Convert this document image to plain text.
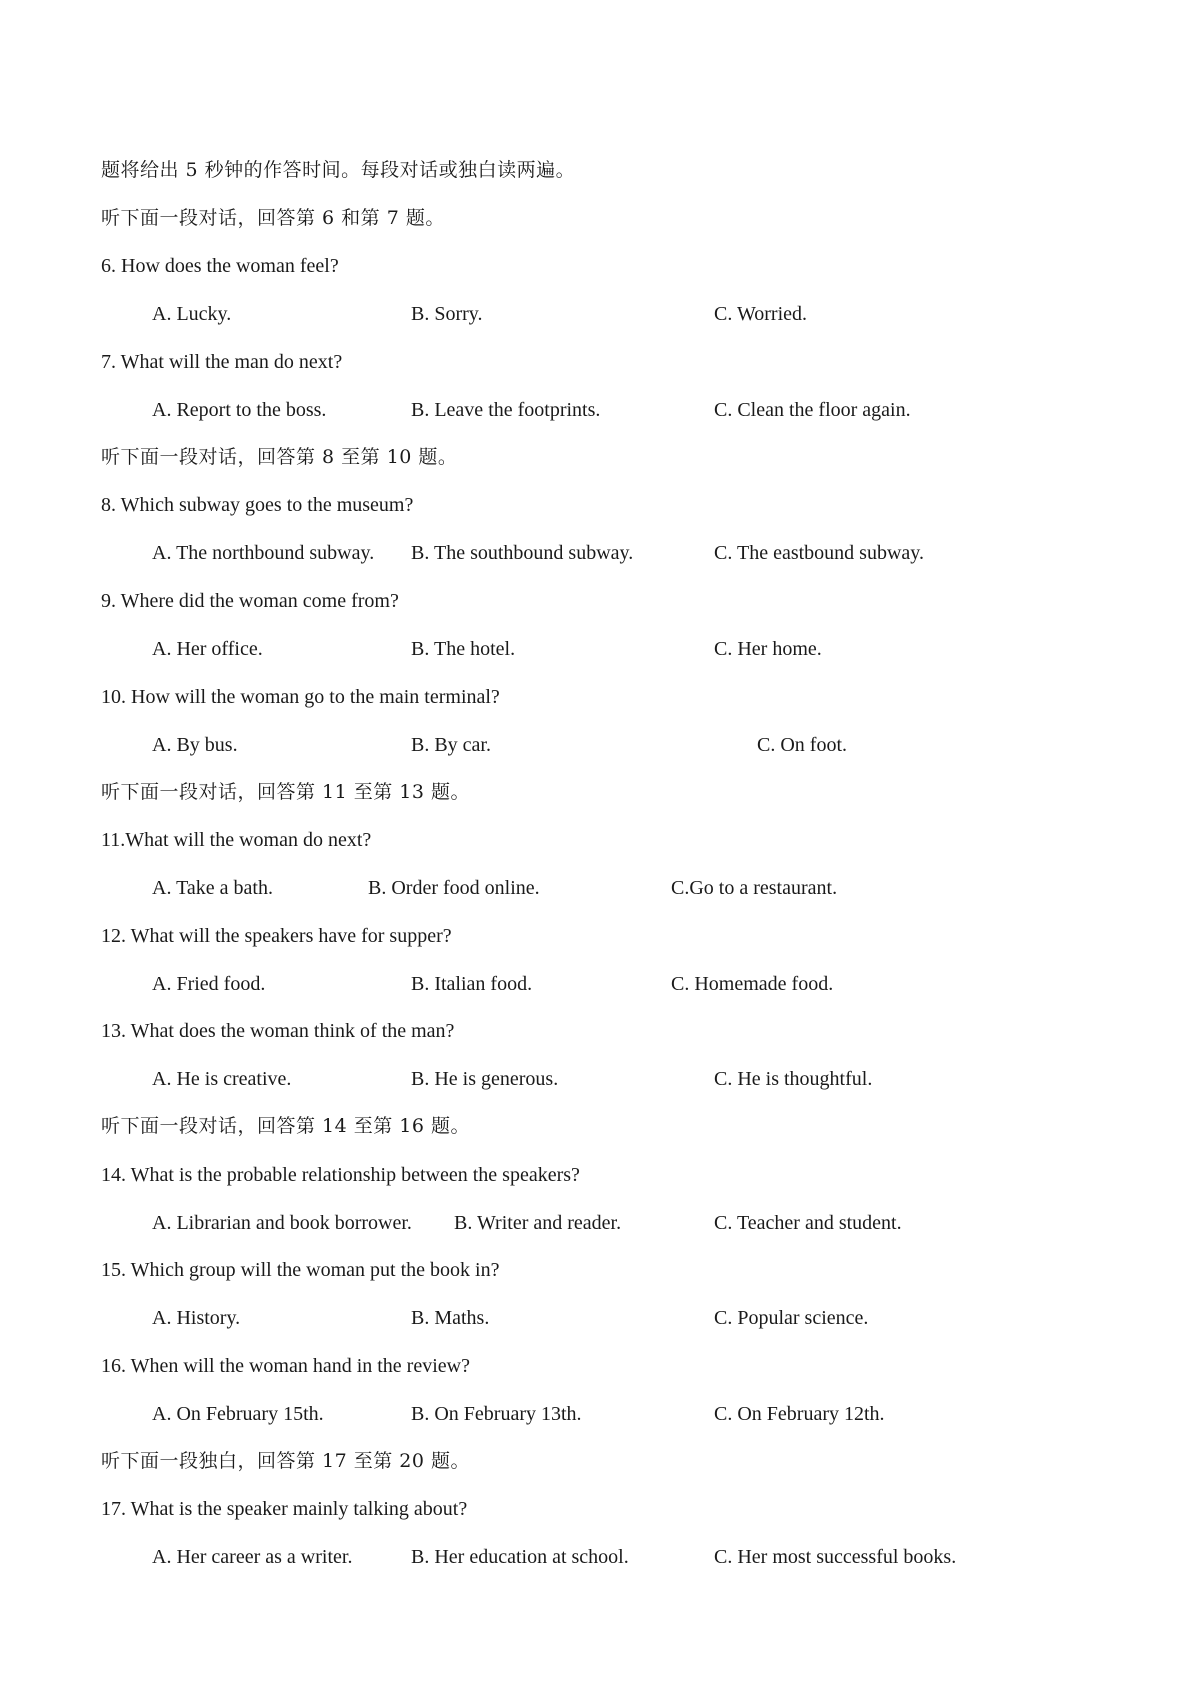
题将给出 5 秒钟的作答时间。每段对话或独白读两遍。
听下面一段对话，回答第 6 和第 7 题。
6. How does the woman feel?
A. Lucky.	B. Sorry.	C. Worried.
7. What will the man do next?
A. Report to the boss.	B. Leave the footprints.	C. Clean the floor again.
听下面一段对话，回答第 8 至第 10 题。
8. Which subway goes to the museum?
A. The northbound subway. B. The southbound subway.	C. The eastbound subway.
9. Where did the woman come from?
A. Her office.	B. The hotel.	C. Her home.
10. How will the woman go to the main terminal?
A. By bus.	B. By car.	C. On foot.
听下面一段对话，回答第 11 至第 13 题。
11.What will the woman do next?
A. Take a bath.	B. Order food online.	C.Go to a restaurant.
12. What will the speakers have for supper?
A. Fried food.	B. Italian food.	C. Homemade food.
13. What does the woman think of the man?
A. He is creative.	B. He is generous.	C. He is thoughtful.
听下面一段对话，回答第 14 至第 16 题。
14. What is the probable relationship between the speakers?
A. Librarian and book borrower. B. Writer and reader.	C. Teacher and student.
15. Which group will the woman put the book in?
A. History.	B. Maths.	C. Popular science.
16. When will the woman hand in the review?
A. On February 15th.	B. On February 13th.	C. On February 12th.
听下面一段独白，回答第 17 至第 20 题。
17. What is the speaker mainly talking about?
A. Her career as a writer.	B. Her education at school.	C. Her most successful books.
